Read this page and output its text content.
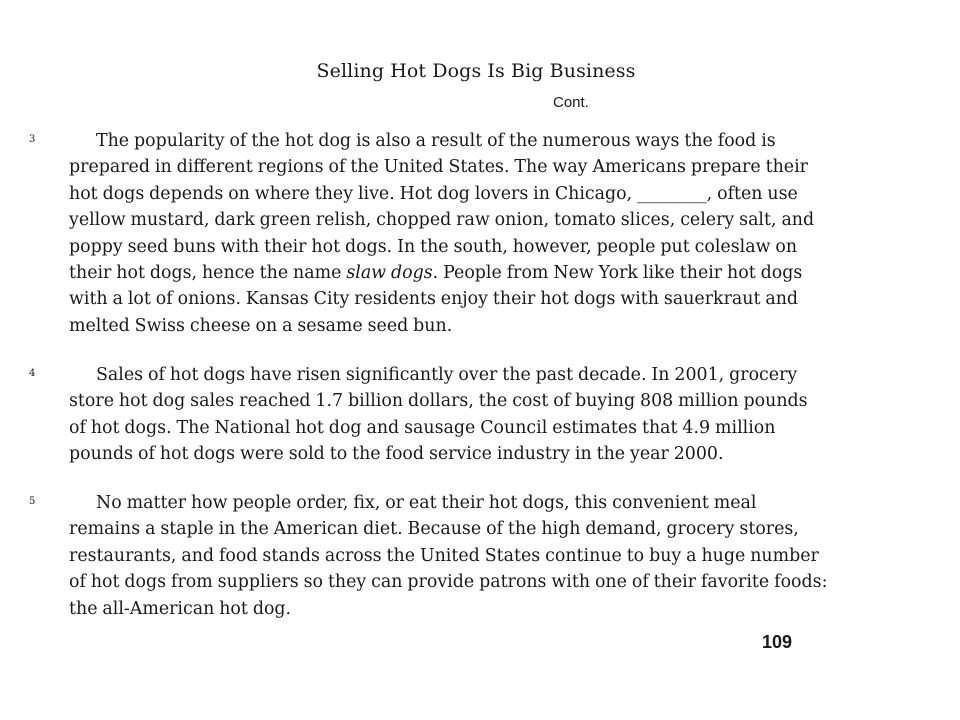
Selling Hot Dogs Is Big Business
Cont.
3	The popularity of the hot dog is also a result of the numerous ways the food is
prepared in different regions of the United States. The way Americans prepare their
hot dogs depends on where they live. Hot dog lovers in Chicago, ________, often use
yellow mustard, dark green relish, chopped raw onion, tomato slices, celery salt, and
poppy seed buns with their hot dogs. In the south, however, people put coleslaw on
their hot dogs, hence the name slaw dogs. People from New York like their hot dogs
with a lot of onions. Kansas City residents enjoy their hot dogs with sauerkraut and
melted Swiss cheese on a sesame seed bun.

4	Sales of hot dogs have risen significantly over the past decade. In 2001, grocery
store hot dog sales reached 1.7 billion dollars, the cost of buying 808 million pounds
of hot dogs. The National hot dog and sausage Council estimates that 4.9 million
pounds of hot dogs were sold to the food service industry in the year 2000.

5	No matter how people order, fix, or eat their hot dogs, this convenient meal
remains a staple in the American diet. Because of the high demand, grocery stores,
restaurants, and food stands across the United States continue to buy a huge number
of hot dogs from suppliers so they can provide patrons with one of their favorite foods:
the all-American hot dog.

109
